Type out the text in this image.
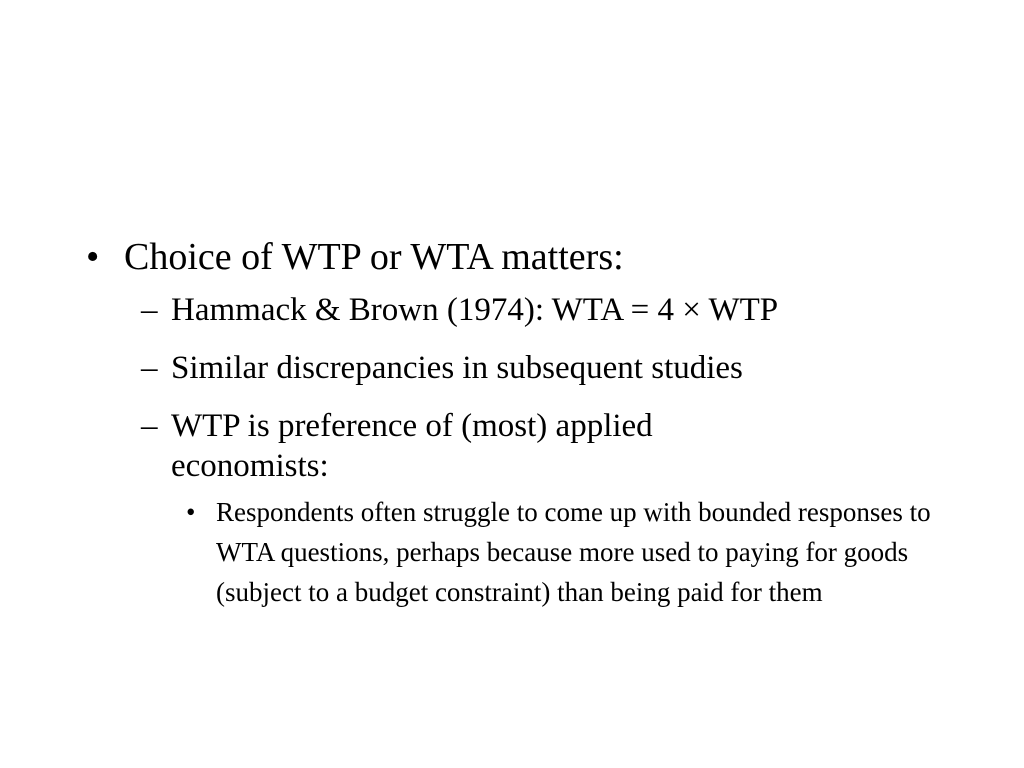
• Choice of WTP or WTA matters:
– Hammack & Brown (1974): WTA = 4 × WTP
– Similar discrepancies in subsequent studies
– WTP is preference of (most) applied economists:
• Respondents often struggle to come up with bounded responses to WTA questions, perhaps because more used to paying for goods (subject to a budget constraint) than being paid for them
